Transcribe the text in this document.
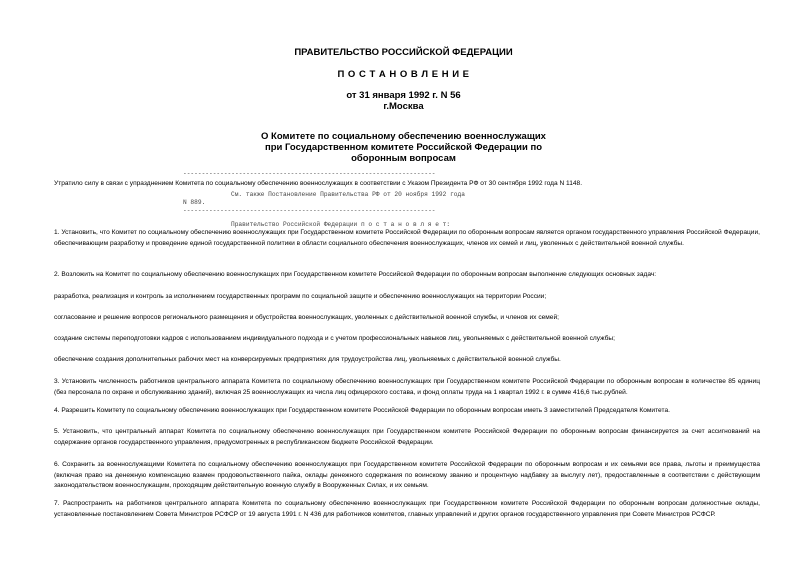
ПРАВИТЕЛЬСТВО РОССИЙСКОЙ ФЕДЕРАЦИИ
П О С Т А Н О В Л Е Н И Е
от 31 января 1992 г. N 56
г.Москва
О Комитете по социальному обеспечению военнослужащих
при Государственном комитете Российской Федерации по
оборонным вопросам
--------------------------------------------------------------------
Утратило силу в связи с упразднением Комитета по социальному обеспечению военнослужащих в соответствии с Указом Президента РФ от 30 сентября 1992 года N 1148.
См. также Постановление Правительства РФ от 20 ноября 1992 года
N 889.
--------------------------------------------------------------------
Правительство Российской Федерации п о с т а н о в л я е т:
1. Установить, что Комитет по социальному обеспечению военнослужащих при Государственном комитете Российской Федерации по оборонным вопросам является органом государственного управления Российской Федерации, обеспечивающим разработку и проведение единой государственной политики в области социального обеспечения военнослужащих, членов их семей и лиц, уволенных с действительной военной службы.
2. Возложить на Комитет по социальному обеспечению военнослужащих при Государственном комитете Российской Федерации по оборонным вопросам выполнение следующих основных задач:
разработка, реализация и контроль за исполнением государственных программ по социальной защите и обеспечению военнослужащих на территории России;
согласование и решение вопросов регионального размещения и обустройства военнослужащих, уволенных с действительной военной службы, и членов их семей;
создание системы переподготовки кадров с использованием индивидуального подхода и с учетом профессиональных навыков лиц, увольняемых с действительной военной службы;
обеспечение создания дополнительных рабочих мест на конверсируемых предприятиях для трудоустройства лиц, увольняемых с действительной военной службы.
3. Установить численность работников центрального аппарата Комитета по социальному обеспечению военнослужащих при Государственном комитете Российской Федерации по оборонным вопросам в количестве 85 единиц (без персонала по охране и обслуживанию зданий), включая 25 военнослужащих из числа лиц офицерского состава, и фонд оплаты труда на 1 квартал 1992 г. в сумме 416,6 тыс.рублей.
4. Разрешить Комитету по социальному обеспечению военнослужащих при Государственном комитете Российской Федерации по оборонным вопросам иметь 3 заместителей Председателя Комитета.
5. Установить, что центральный аппарат Комитета по социальному обеспечению военнослужащих при Государственном комитете Российской Федерации по оборонным вопросам финансируется за счет ассигнований на содержание органов государственного управления, предусмотренных в республиканском бюджете Российской Федерации.
6. Сохранить за военнослужащими Комитета по социальному обеспечению военнослужащих при Государственном комитете Российской Федерации по оборонным вопросам и их семьями все права, льготы и преимущества (включая право на денежную компенсацию взамен продовольственного пайка, оклады денежного содержания по воинскому званию и процентную надбавку за выслугу лет), предоставленные в соответствии с действующим законодательством военнослужащим, проходящим действительную военную службу в Вооруженных Силах, и их семьям.
7. Распространить на работников центрального аппарата Комитета по социальному обеспечению военнослужащих при Государственном комитете Российской Федерации по оборонным вопросам должностные оклады, установленные постановлением Совета Министров РСФСР от 19 августа 1991 г. N 436 для работников комитетов, главных управлений и других органов государственного управления при Совете Министров РСФСР.
